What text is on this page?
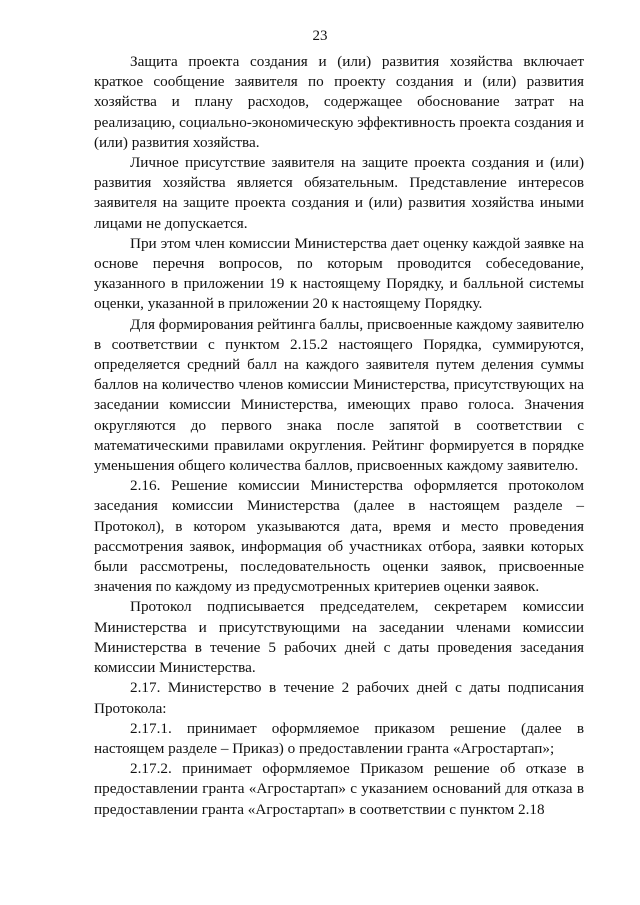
23

Защита проекта создания и (или) развития хозяйства включает краткое сообщение заявителя по проекту создания и (или) развития хозяйства и плану расходов, содержащее обоснование затрат на реализацию, социально-экономическую эффективность проекта создания и (или) развития хозяйства.

Личное присутствие заявителя на защите проекта создания и (или) развития хозяйства является обязательным. Представление интересов заявителя на защите проекта создания и (или) развития хозяйства иными лицами не допускается.

При этом член комиссии Министерства дает оценку каждой заявке на основе перечня вопросов, по которым проводится собеседование, указанного в приложении 19 к настоящему Порядку, и балльной системы оценки, указанной в приложении 20 к настоящему Порядку.

Для формирования рейтинга баллы, присвоенные каждому заявителю в соответствии с пунктом 2.15.2 настоящего Порядка, суммируются, определяется средний балл на каждого заявителя путем деления суммы баллов на количество членов комиссии Министерства, присутствующих на заседании комиссии Министерства, имеющих право голоса. Значения округляются до первого знака после запятой в соответствии с математическими правилами округления. Рейтинг формируется в порядке уменьшения общего количества баллов, присвоенных каждому заявителю.

2.16. Решение комиссии Министерства оформляется протоколом заседания комиссии Министерства (далее в настоящем разделе – Протокол), в котором указываются дата, время и место проведения рассмотрения заявок, информация об участниках отбора, заявки которых были рассмотрены, последовательность оценки заявок, присвоенные значения по каждому из предусмотренных критериев оценки заявок.

Протокол подписывается председателем, секретарем комиссии Министерства и присутствующими на заседании членами комиссии Министерства в течение 5 рабочих дней с даты проведения заседания комиссии Министерства.

2.17. Министерство в течение 2 рабочих дней с даты подписания Протокола:

2.17.1. принимает оформляемое приказом решение (далее в настоящем разделе – Приказ) о предоставлении гранта «Агростартап»;

2.17.2. принимает оформляемое Приказом решение об отказе в предоставлении гранта «Агростартап» с указанием оснований для отказа в предоставлении гранта «Агростартап» в соответствии с пунктом 2.18
